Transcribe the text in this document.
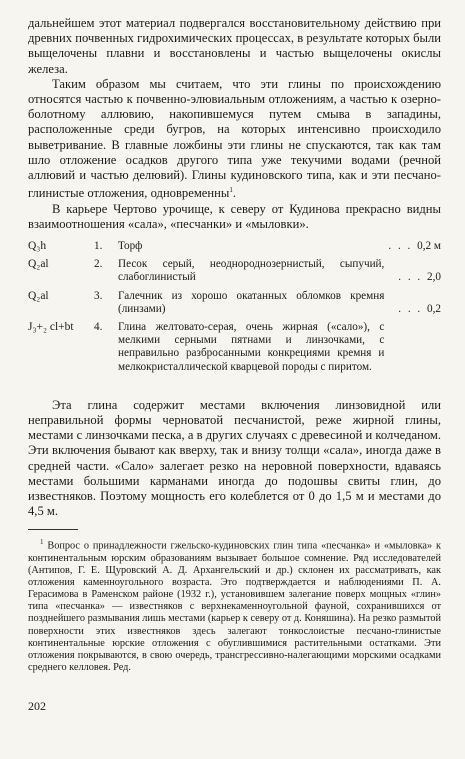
дальнейшем этот материал подвергался восстановительному действию при древних почвенных гидрохимических процессах, в результате которых были выщелочены плавни и восстановлены и частью выщелочены окислы железа.

Таким образом мы считаем, что эти глины по происхождению относятся частью к почвенно-элювиальным отложениям, а частью к озерно-болотному аллювию, накопившемуся путем смыва в западины, расположенные среди бугров, на которых интенсивно происходило выветривание. В главные ложбины эти глины не спускаются, так как там шло отложение осадков другого типа уже текучими водами (речной аллювий и частью делювий). Глины кудиновского типа, как и эти песчано-глинистые отложения, одновременны$^1$.

В карьере Чертово урочище, к северу от Кудинова прекрасно видны взаимоотношения «сала», «песчанки» и «мыловки».

Q₃h	1.	Торф	. . . 0,2 м
Q₂al	2.	Песок серый, неоднороднозернистый, сыпучий, слабоглинистый	. . . 2,0
Q₂al	3.	Галечник из хорошо окатанных обломков кремня (линзами)	. . . 0,2
J₃+₂ cl+bt	4.	Глина желтовато-серая, очень жирная («сало»), с мелкими серными пятнами и линзочками, с неправильно разбросанными конкрециями кремня и мелкокристаллической кварцевой породы с пиритом.	

Эта глина содержит местами включения линзовидной или неправильной формы черноватой песчанистой, реже жирной глины, местами с линзочками песка, а в других случаях с древесиной и колчеданом. Эти включения бывают как вверху, так и внизу толщи «сала», иногда даже в средней части. «Сало» залегает резко на неровной поверхности, вдаваясь местами большими карманами иногда до подошвы свиты глин, до известняков. Поэтому мощность его колеблется от 0 до 1,5 м и местами до 4,5 м.

$^1$ Вопрос о принадлежности гжельско-кудиновских глин типа «песчанка» и «мыловка» к континентальным юрским образованиям вызывает большое сомнение. Ряд исследователей (Антипов, Г. Е. Щуровский А. Д. Архангельский и др.) склонен их рассматривать, как отложения каменноугольного возраста. Это подтверждается и наблюдениями П. А. Герасимова в Раменском районе (1932 г.), установившем залегание поверх мощных «глин» типа «песчанка» — известняков с верхнекаменноугольной фауной, сохранившихся от позднейшего размывания лишь местами (карьер к северу от д. Коняшина). На резко размытой поверхности этих известняков здесь залегают тонкослоистые песчано-глинистые континентальные юрские отложения с обуглившимися растительными остатками. Эти отложения покрываются, в свою очередь, трансгрессивно-налегающими морскими осадками среднего келловея. Ред.

202
